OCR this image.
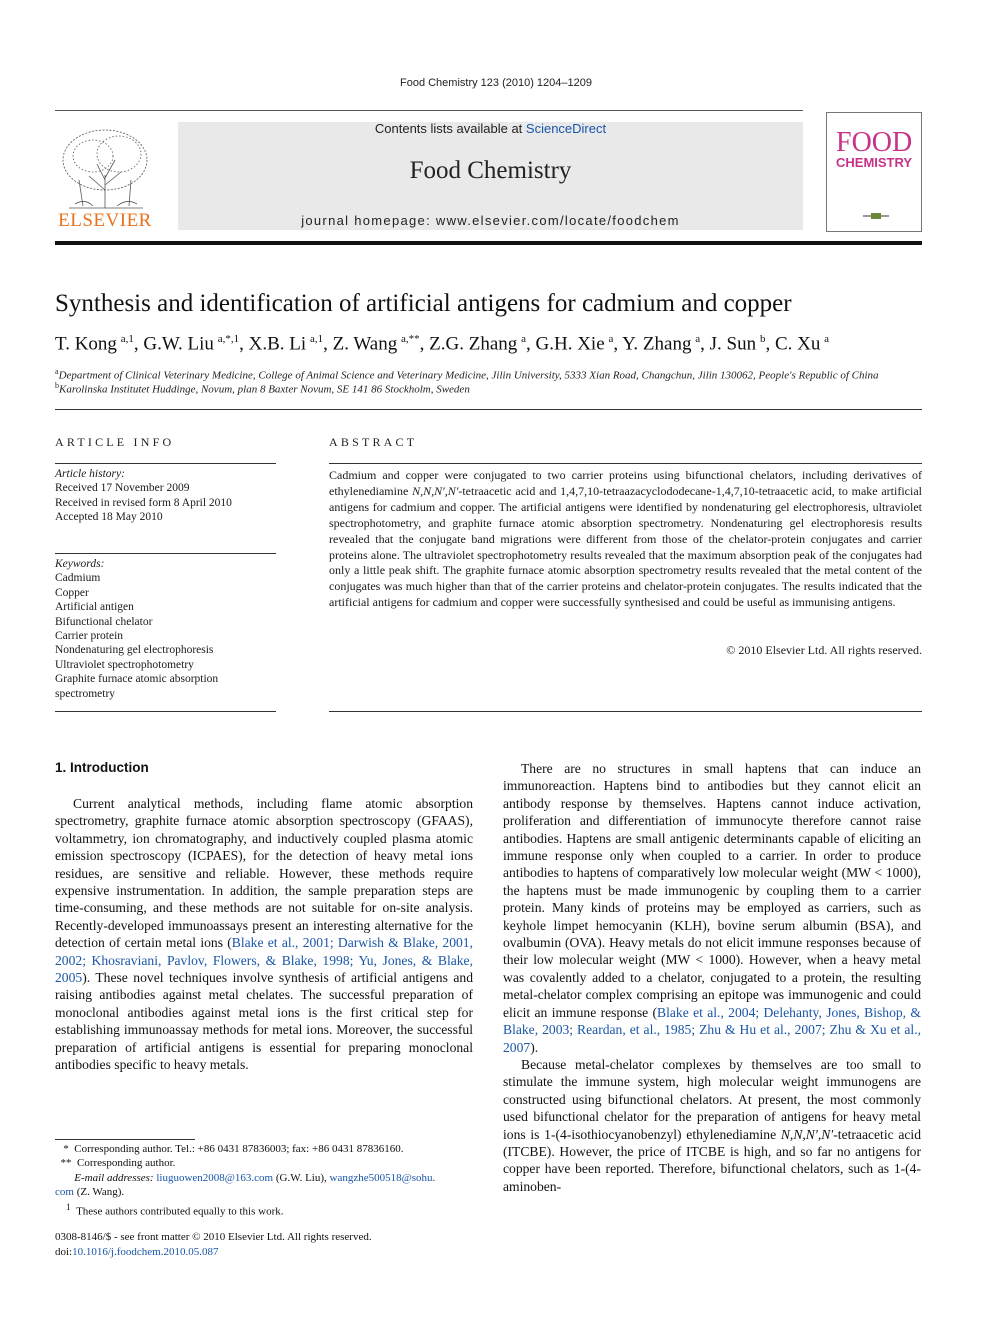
Food Chemistry 123 (2010) 1204–1209
ELSEVIER
Contents lists available at ScienceDirect
Food Chemistry
journal homepage: www.elsevier.com/locate/foodchem
FOOD
CHEMISTRY
Synthesis and identification of artificial antigens for cadmium and copper
T. Kong  $^{a,1}$, G.W. Liu  $^{a,*,1}$, X.B. Li  $^{a,1}$, Z. Wang  $^{a,**}$, Z.G. Zhang  $^a$, G.H. Xie  $^a$, Y. Zhang  $^a$, J. Sun  $^b$, C. Xu  $^a$
$^a$Department of Clinical Veterinary Medicine, College of Animal Science and Veterinary Medicine, Jilin University, 5333 Xian Road, Changchun, Jilin 130062, People's Republic of China
$^b$Karolinska Institutet Huddinge, Novum, plan 8 Baxter Novum, SE 141 86 Stockholm, Sweden
ARTICLE INFO
Article history:
Received 17 November 2009
Received in revised form 8 April 2010
Accepted 18 May 2010
Keywords:
Cadmium
Copper
Artificial antigen
Bifunctional chelator
Carrier protein
Nondenaturing gel electrophoresis
Ultraviolet spectrophotometry
Graphite furnace atomic absorption
spectrometry
ABSTRACT
Cadmium and copper were conjugated to two carrier proteins using bifunctional chelators, including derivatives of ethylenediamine N,N,N′,N′-tetraacetic acid and 1,4,7,10-tetraazacyclododecane-1,4,7,10-tetraacetic acid, to make artificial antigens for cadmium and copper. The artificial antigens were identified by nondenaturing gel electrophoresis, ultraviolet spectrophotometry, and graphite furnace atomic absorption spectrometry. Nondenaturing gel electrophoresis results revealed that the conjugate band migrations were different from those of the chelator-protein conjugates and carrier proteins alone. The ultraviolet spectrophotometry results revealed that the maximum absorption peak of the conjugates had only a little peak shift. The graphite furnace atomic absorption spectrometry results revealed that the metal content of the conjugates was much higher than that of the carrier proteins and chelator-protein conjugates. The results indicated that the artificial antigens for cadmium and copper were successfully synthesised and could be useful as immunising antigens.
© 2010 Elsevier Ltd. All rights reserved.
1. Introduction
Current analytical methods, including flame atomic absorption spectrometry, graphite furnace atomic absorption spectroscopy (GFAAS), voltammetry, ion chromatography, and inductively coupled plasma atomic emission spectroscopy (ICPAES), for the detection of heavy metal ions residues, are sensitive and reliable. However, these methods require expensive instrumentation. In addition, the sample preparation steps are time-consuming, and these methods are not suitable for on-site analysis. Recently-developed immunoassays present an interesting alternative for the detection of certain metal ions (Blake et al., 2001; Darwish & Blake, 2001, 2002; Khosraviani, Pavlov, Flowers, & Blake, 1998; Yu, Jones, & Blake, 2005). These novel techniques involve synthesis of artificial antigens and raising antibodies against metal chelates. The successful preparation of monoclonal antibodies against metal ions is the first critical step for establishing immunoassay methods for metal ions. Moreover, the successful preparation of artificial antigens is essential for preparing monoclonal antibodies specific to heavy metals.

There are no structures in small haptens that can induce an immunoreaction. Haptens bind to antibodies but they cannot elicit an antibody response by themselves. Haptens cannot induce activation, proliferation and differentiation of immunocyte therefore cannot raise antibodies. Haptens are small antigenic determinants capable of eliciting an immune response only when coupled to a carrier. In order to produce antibodies to haptens of comparatively low molecular weight (MW < 1000), the haptens must be made immunogenic by coupling them to a carrier protein. Many kinds of proteins may be employed as carriers, such as keyhole limpet hemocyanin (KLH), bovine serum albumin (BSA), and ovalbumin (OVA). Heavy metals do not elicit immune responses because of their low molecular weight (MW < 1000). However, when a heavy metal was covalently added to a chelator, conjugated to a protein, the resulting metal-chelator complex comprising an epitope was immunogenic and could elicit an immune response (Blake et al., 2004; Delehanty, Jones, Bishop, & Blake, 2003; Reardan, et al., 1985; Zhu & Hu et al., 2007; Zhu & Xu et al., 2007).

Because metal-chelator complexes by themselves are too small to stimulate the immune system, high molecular weight immunogens are constructed using bifunctional chelators. At present, the most commonly used bifunctional chelator for the preparation of antigens for heavy metal ions is 1-(4-isothiocyanobenzyl) ethylenediamine N,N,N′,N′-tetraacetic acid (ITCBE). However, the price of ITCBE is high, and so far no antigens for copper have been reported. Therefore, bifunctional chelators, such as 1-(4-aminoben-

* Corresponding author. Tel.: +86 0431 87836003; fax: +86 0431 87836160.
** Corresponding author.
E-mail addresses: liuguowen2008@163.com (G.W. Liu), wangzhe500518@sohu.
com (Z. Wang).
$^1$ These authors contributed equally to this work.
0308-8146/$ - see front matter © 2010 Elsevier Ltd. All rights reserved.
doi:10.1016/j.foodchem.2010.05.087
